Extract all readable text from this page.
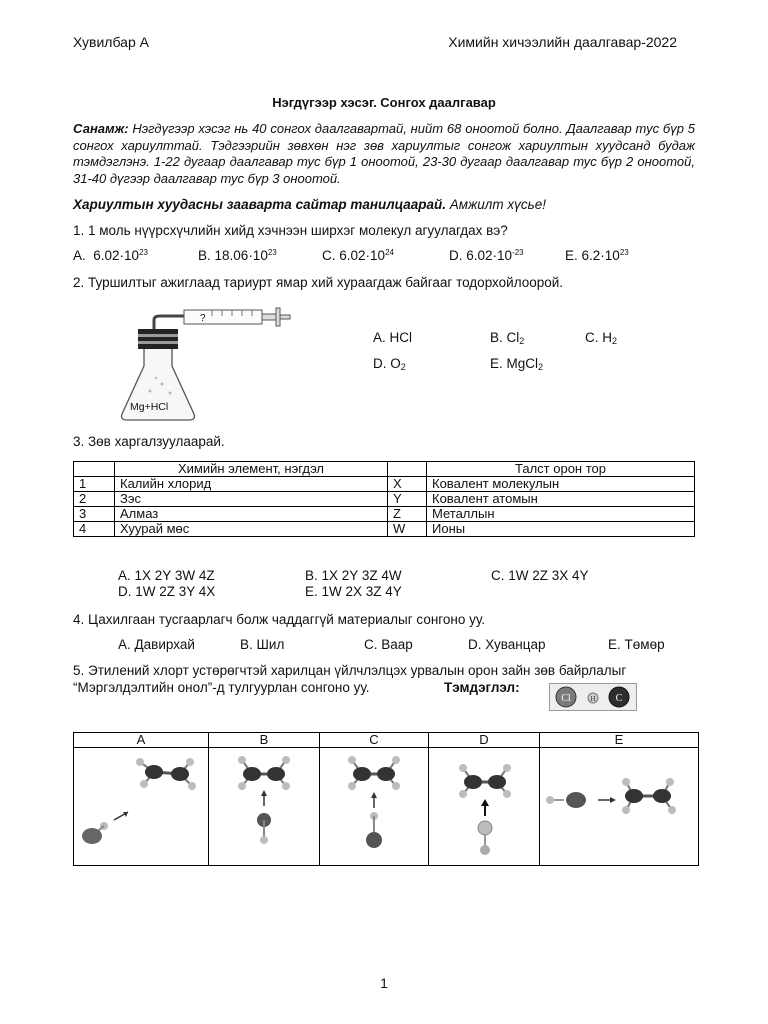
Хувилбар А	Химийн хичээлийн даалгавар-2022
Нэгдүгээр хэсэг. Сонгох даалгавар
Санамж: Нэгдүгээр хэсэг нь 40 сонгох даалгавартай, нийт 68 оноотой болно. Даалгавар тус бүр 5 сонгох хариулттай. Тэдгээрийн зөвхөн нэг зөв хариултыг сонгож хариултын хуудсанд будаж тэмдэглэнэ. 1-22 дугаар даалгавар тус бүр 1 оноотой, 23-30 дугаар даалгавар тус бүр 2 оноотой, 31-40 дүгээр даалгавар тус бүр 3 оноотой.
Хариултын хуудасны зааварта сайтар танилцаарай. Амжилт хүсье!
1. 1 моль нүүрсхүчлийн хийд хэчнээн ширхэг молекул агуулагдах вэ?
A. $6.02\cdot 10^{23}$	B. $18.06\cdot 10^{23}$	C. $6.02\cdot 10^{24}$	D. $6.02\cdot 10^{-23}$	E. $6.2\cdot 10^{23}$
2. Туршилтыг ажиглаад тариурт ямар хий хураагдаж байгааг тодорхойлоорой.
Mg+HCl
?
A. HCl	B. $Cl_2$	C. $H_2$
D. $O_2$	E. MgCl$_2$
3. Зөв харгалзуулаарай.
	Химийн элемент, нэгдэл		Талст орон тор
1	Калийн хлорид	X	Ковалент молекулын
2	Зэс	Y	Ковалент атомын
3	Алмаз	Z	Металлын
4	Хуурай мөс	W	Ионы
A. 1X 2Y 3W 4Z	B. 1X 2Y 3Z 4W	C. 1W 2Z 3X 4Y
D. 1W 2Z 3Y 4X	E. 1W 2X 3Z 4Y
4. Цахилгаан тусгаарлагч болж чаддаггүй материалыг сонгоно уу.
A. Давирхай	B. Шил	C. Ваар	D. Хуванцар	E. Төмөр
5. Этилений хлорт устөрөгчтэй харилцан үйлчлэлцэх урвалын орон зайн зөв байрлалыг
“Мэргэлдэлтийн онол”-д тулгуурлан сонгоно уу.	Тэмдэглэл:
Cl	H C
A	B	C	D	E

1
